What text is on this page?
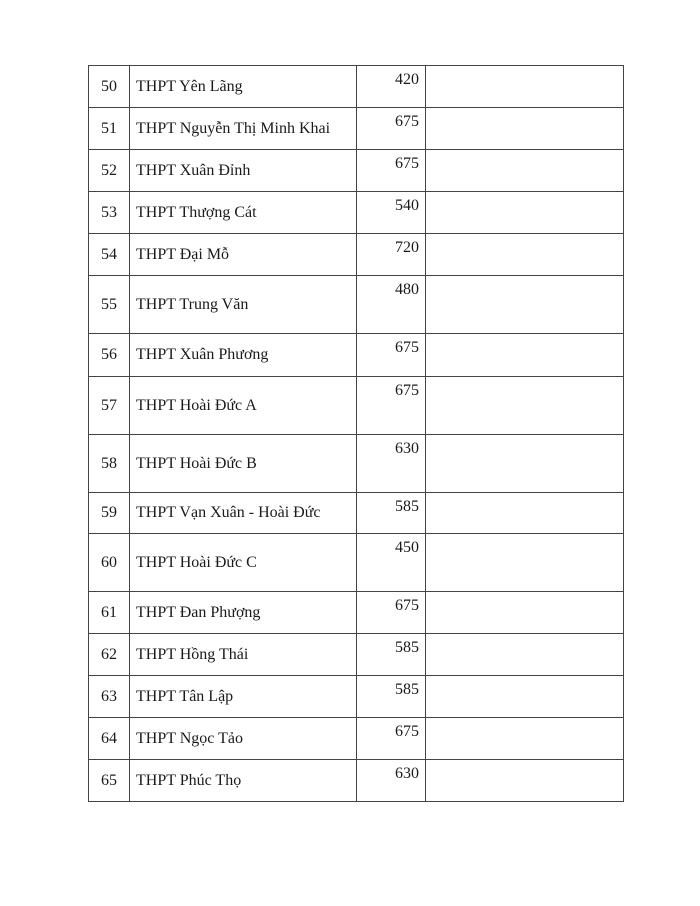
50	THPT Yên Lãng	420	
51	THPT Nguyễn Thị Minh Khai	675	
52	THPT Xuân Đỉnh	675	
53	THPT Thượng Cát	540	
54	THPT Đại Mỗ	720	
55	THPT Trung Văn	480	
56	THPT Xuân Phương	675	
57	THPT Hoài Đức A	675	
58	THPT Hoài Đức B	630	
59	THPT Vạn Xuân - Hoài Đức	585	
60	THPT Hoài Đức C	450	
61	THPT Đan Phượng	675	
62	THPT Hồng Thái	585	
63	THPT Tân Lập	585	
64	THPT Ngọc Tảo	675	
65	THPT Phúc Thọ	630	
